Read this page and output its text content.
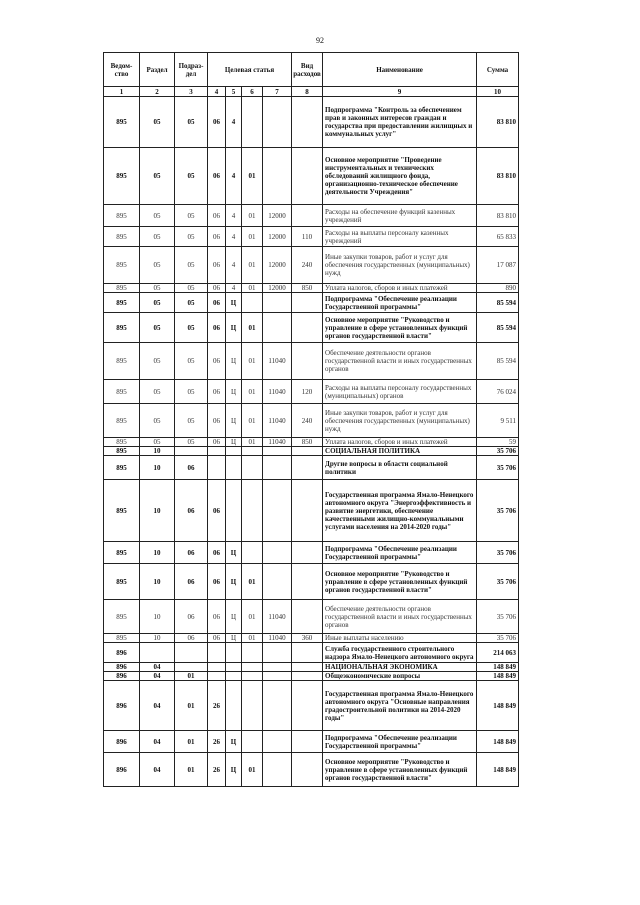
92
Ведом-ство	Раздел	Подраз-дел	Целевая статья				Вид расходов	Наименование	Сумма
1	2	3	4	5	6	7	8	9	10
895	05	05	06	4				Подпрограмма "Контроль за обеспечением прав и законных интересов граждан и государства при предоставлении жилищных и коммунальных услуг"	83 810
895	05	05	06	4	01			Основное мероприятие "Проведение инструментальных и технических обследований жилищного фонда, организационно-техническое обеспечение деятельности Учреждения"	83 810
895	05	05	06	4	01	12000		Расходы на обеспечение функций казенных учреждений	83 810
895	05	05	06	4	01	12000	110	Расходы на выплаты персоналу казенных учреждений	65 833
895	05	05	06	4	01	12000	240	Иные закупки товаров, работ и услуг для обеспечения государственных (муниципальных) нужд	17 087
895	05	05	06	4	01	12000	850	Уплата налогов, сборов и иных платежей	890
895	05	05	06	Ц				Подпрограмма "Обеспечение реализации Государственной программы"	85 594
895	05	05	06	Ц	01			Основное мероприятие "Руководство и управление в сфере установленных функций органов государственной власти"	85 594
895	05	05	06	Ц	01	11040		Обеспечение деятельности органов государственной власти и иных государственных органов	85 594
895	05	05	06	Ц	01	11040	120	Расходы на выплаты персоналу государственных (муниципальных) органов	76 024
895	05	05	06	Ц	01	11040	240	Иные закупки товаров, работ и услуг для обеспечения государственных (муниципальных) нужд	9 511
895	05	05	06	Ц	01	11040	850	Уплата налогов, сборов и иных платежей	59
895	10							СОЦИАЛЬНАЯ ПОЛИТИКА	35 706
895	10	06						Другие вопросы в области социальной политики	35 706
895	10	06	06					Государственная программа Ямало-Ненецкого автономного округа "Энергоэффективность и развитие энергетики, обеспечение качественными жилищно-коммунальными услугами населения на 2014-2020 годы"	35 706
895	10	06	06	Ц				Подпрограмма "Обеспечение реализации Государственной программы"	35 706
895	10	06	06	Ц	01			Основное мероприятие "Руководство и управление в сфере установленных функций органов государственной власти"	35 706
895	10	06	06	Ц	01	11040		Обеспечение деятельности органов государственной власти и иных государственных органов	35 706
895	10	06	06	Ц	01	11040	360	Иные выплаты населению	35 706
896								Служба государственного строительного надзора Ямало-Ненецкого автономного округа	214 063
896	04							НАЦИОНАЛЬНАЯ ЭКОНОМИКА	148 849
896	04	01						Общеэкономические вопросы	148 849
896	04	01	26					Государственная программа Ямало-Ненецкого автономного округа "Основные направления градостроительной политики на 2014-2020 годы"	148 849
896	04	01	26	Ц				Подпрограмма "Обеспечение реализации Государственной программы"	148 849
896	04	01	26	Ц	01			Основное мероприятие "Руководство и управление в сфере установленных функций органов государственной власти"	148 849
